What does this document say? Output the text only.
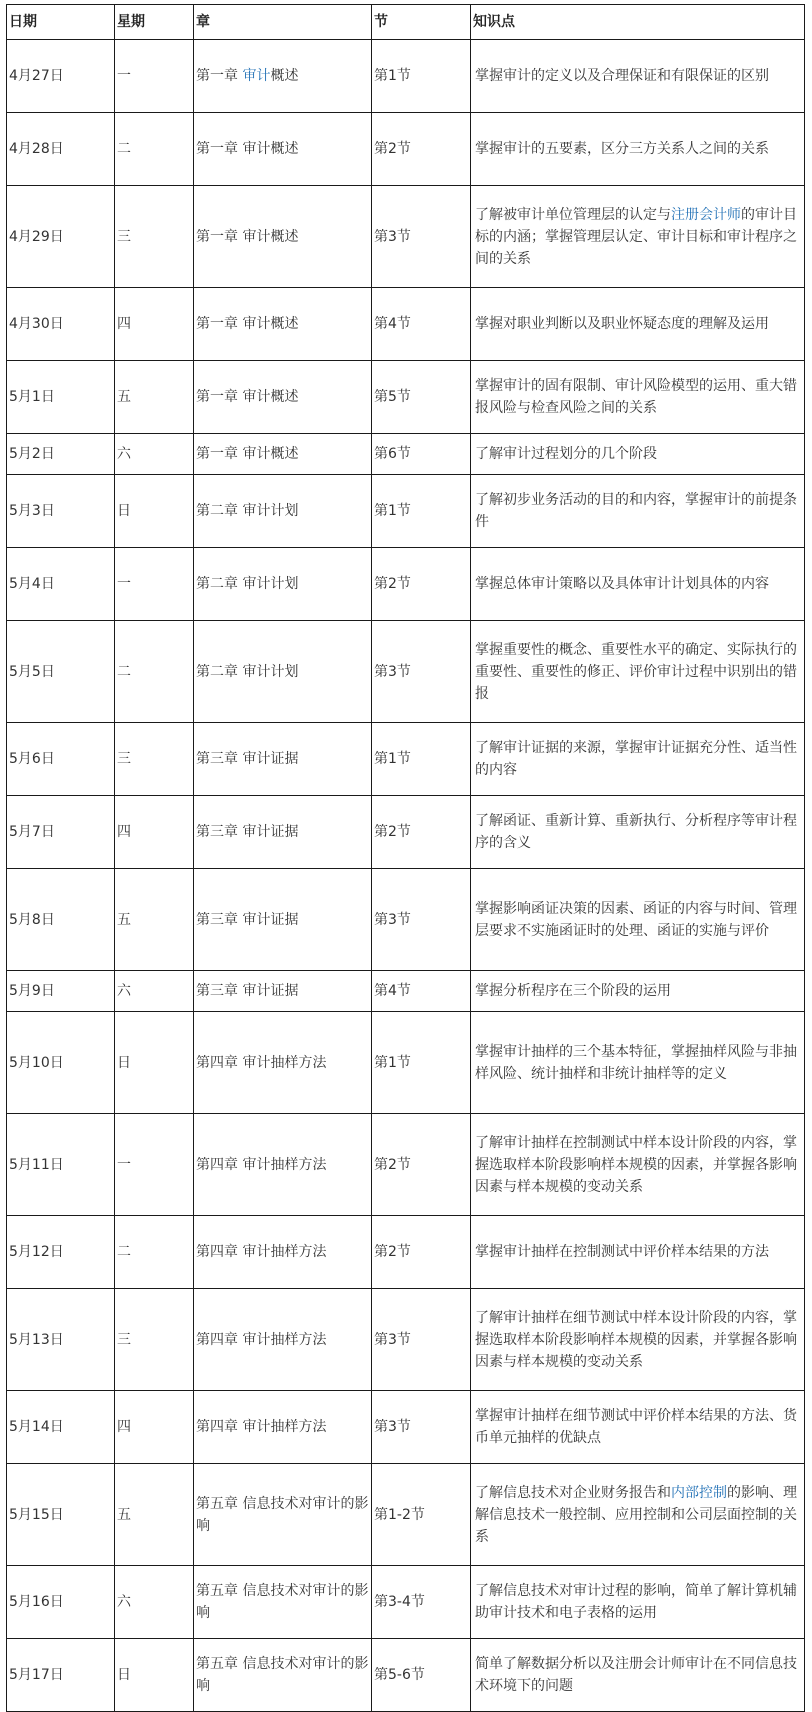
日期	星期	章	节	知识点
4月27日	一	第一章 审计概述	第1节	掌握审计的定义以及合理保证和有限保证的区别
4月28日	二	第一章 审计概述	第2节	掌握审计的五要素，区分三方关系人之间的关系
4月29日	三	第一章 审计概述	第3节	了解被审计单位管理层的认定与注册会计师的审计目标的内涵；掌握管理层认定、审计目标和审计程序之间的关系
4月30日	四	第一章 审计概述	第4节	掌握对职业判断以及职业怀疑态度的理解及运用
5月1日	五	第一章 审计概述	第5节	掌握审计的固有限制、审计风险模型的运用、重大错报风险与检查风险之间的关系
5月2日	六	第一章 审计概述	第6节	了解审计过程划分的几个阶段
5月3日	日	第二章 审计计划	第1节	了解初步业务活动的目的和内容，掌握审计的前提条件
5月4日	一	第二章 审计计划	第2节	掌握总体审计策略以及具体审计计划具体的内容
5月5日	二	第二章 审计计划	第3节	掌握重要性的概念、重要性水平的确定、实际执行的重要性、重要性的修正、评价审计过程中识别出的错报
5月6日	三	第三章 审计证据	第1节	了解审计证据的来源，掌握审计证据充分性、适当性的内容
5月7日	四	第三章 审计证据	第2节	了解函证、重新计算、重新执行、分析程序等审计程序的含义
5月8日	五	第三章 审计证据	第3节	掌握影响函证决策的因素、函证的内容与时间、管理层要求不实施函证时的处理、函证的实施与评价
5月9日	六	第三章 审计证据	第4节	掌握分析程序在三个阶段的运用
5月10日	日	第四章 审计抽样方法	第1节	掌握审计抽样的三个基本特征，掌握抽样风险与非抽样风险、统计抽样和非统计抽样等的定义
5月11日	一	第四章 审计抽样方法	第2节	了解审计抽样在控制测试中样本设计阶段的内容，掌握选取样本阶段影响样本规模的因素，并掌握各影响因素与样本规模的变动关系
5月12日	二	第四章 审计抽样方法	第2节	掌握审计抽样在控制测试中评价样本结果的方法
5月13日	三	第四章 审计抽样方法	第3节	了解审计抽样在细节测试中样本设计阶段的内容，掌握选取样本阶段影响样本规模的因素，并掌握各影响因素与样本规模的变动关系
5月14日	四	第四章 审计抽样方法	第3节	掌握审计抽样在细节测试中评价样本结果的方法、货币单元抽样的优缺点
5月15日	五	第五章 信息技术对审计的影响	第1-2节	了解信息技术对企业财务报告和内部控制的影响、理解信息技术一般控制、应用控制和公司层面控制的关系
5月16日	六	第五章 信息技术对审计的影响	第3-4节	了解信息技术对审计过程的影响，简单了解计算机辅助审计技术和电子表格的运用
5月17日	日	第五章 信息技术对审计的影响	第5-6节	简单了解数据分析以及注册会计师审计在不同信息技术环境下的问题
